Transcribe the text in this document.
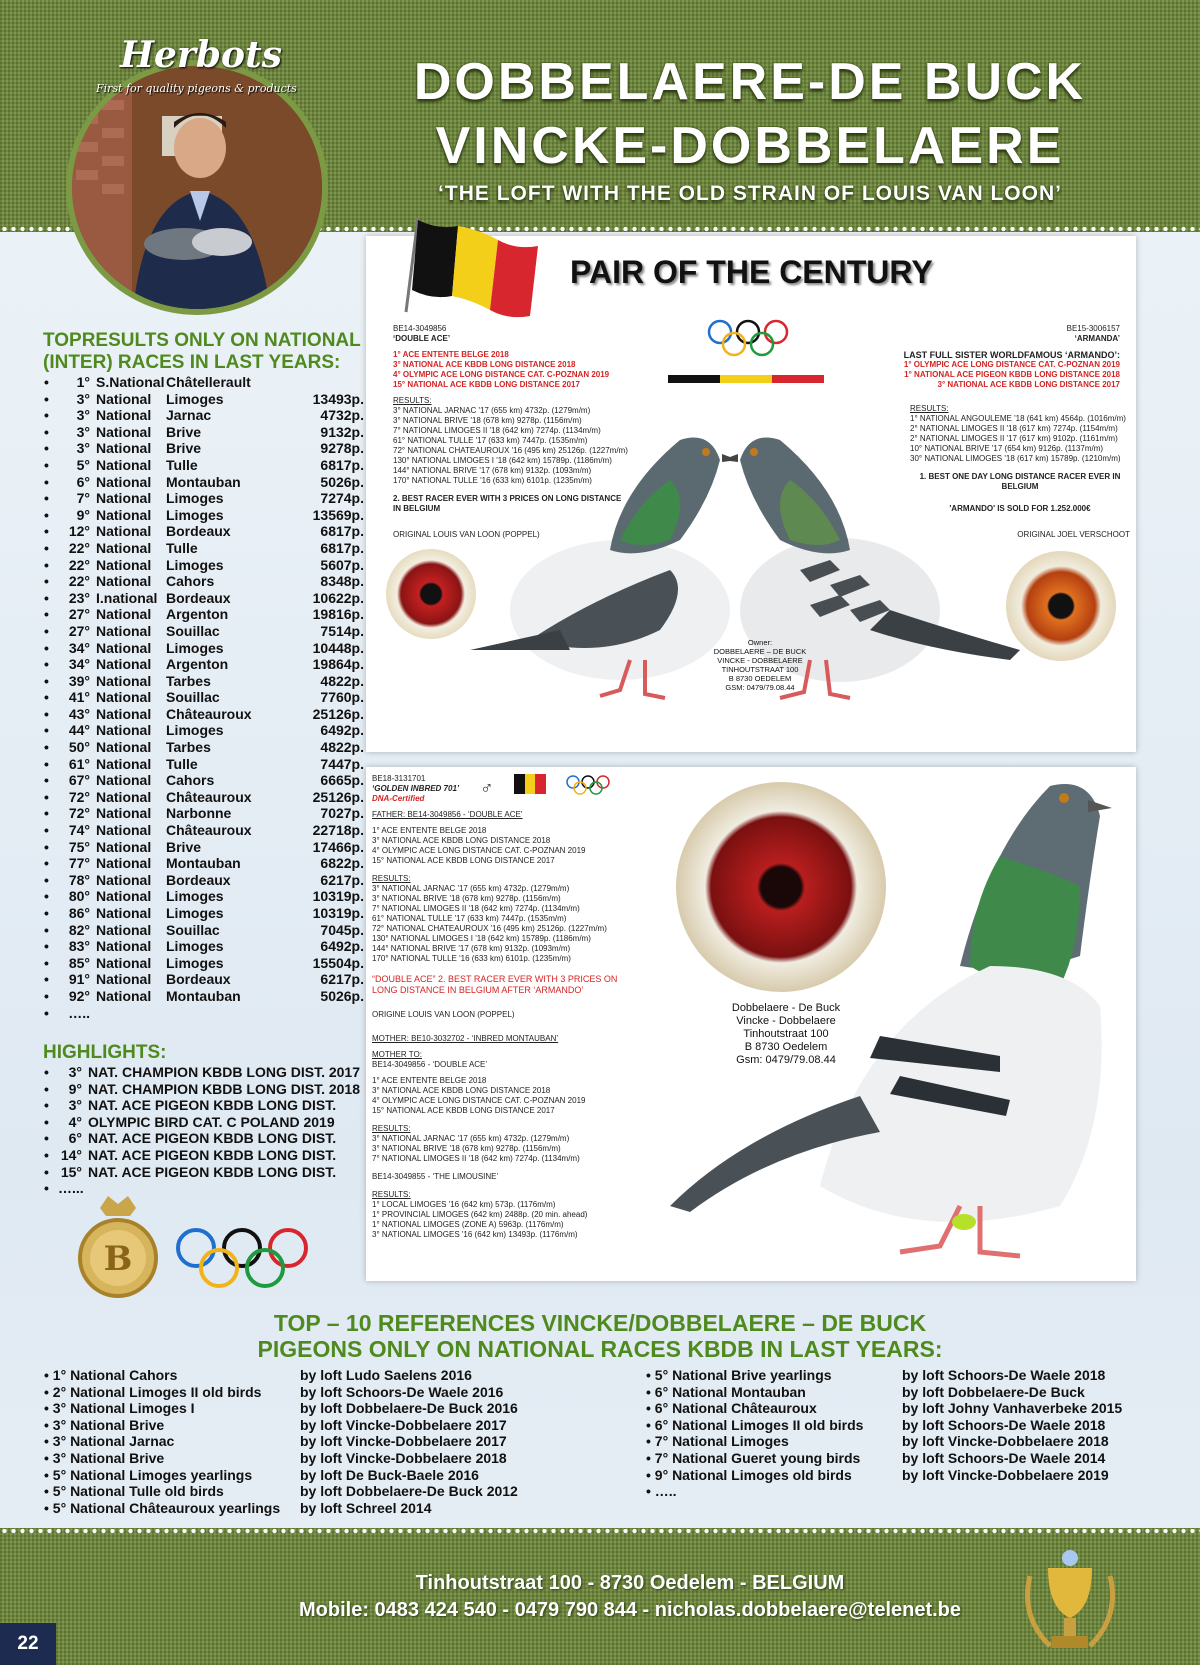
Herbots
First for quality pigeons & products	DOBBELAERE-DE BUCK
VINCKE-DOBBELAERE
‘THE LOFT WITH THE OLD STRAIN OF LOUIS VAN LOON’
TOPRESULTS ONLY ON NATIONAL
(INTER) RACES IN LAST YEARS:
•	1° S.National Châtellerault
•	3° National	Limoges	13493p.
•	3° National	Jarnac	4732p.
•	3° National	Brive	9132p.
•	3° National	Brive	9278p.
•	5° National	Tulle	6817p.
•	6° National	Montauban	5026p.
•	7° National	Limoges	7274p.
•	9° National	Limoges	13569p.
•	12° National	Bordeaux	6817p.
•	22° National	Tulle	6817p.
•	22° National	Limoges	5607p.
•	22° National	Cahors	8348p.
•	23° I.national Bordeaux	10622p.
•	27° National	Argenton	19816p.
•	27° National	Souillac	7514p.
•	34° National	Limoges	10448p.
•	34° National	Argenton	19864p.
•	39° National	Tarbes	4822p.
•	41° National	Souillac	7760p.
•	43° National	Châteauroux	25126p.
•	44° National	Limoges	6492p.
•	50° National	Tarbes	4822p.
•	61° National	Tulle	7447p.
•	67° National	Cahors	6665p.
•	72° National	Châteauroux	25126p.
•	72° National	Narbonne	7027p.
•	74° National	Châteauroux	22718p.
•	75° National	Brive	17466p.
•	77° National	Montauban	6822p.
•	78° National	Bordeaux	6217p.
•	80° National	Limoges	10319p.
•	86° National	Limoges	10319p.
•	82° National	Souillac	7045p.
•	83° National	Limoges	6492p.
•	85° National	Limoges	15504p.
•	91° National	Bordeaux	6217p.
•	92° National	Montauban	5026p.
•	…..
HIGHLIGHTS:
•	3° NAT. CHAMPION KBDB LONG DIST. 2017
•	9° NAT. CHAMPION KBDB LONG DIST. 2018
•	3° NAT. ACE PIGEON KBDB LONG DIST.
•	4° OLYMPIC BIRD CAT. C POLAND 2019
•	6° NAT. ACE PIGEON KBDB LONG DIST.
• 14° NAT. ACE PIGEON KBDB LONG DIST.
• 15° NAT. ACE PIGEON KBDB LONG DIST.
• …...
B
PAIR OF THE CENTURY
BE14-3049856
‘DOUBLE ACE’
1° ACE ENTENTE BELGE 2018
3° NATIONAL ACE KBDB LONG DISTANCE 2018
4° OLYMPIC ACE LONG DISTANCE CAT. C-POZNAN 2019
15° NATIONAL ACE KBDB LONG DISTANCE 2017
RESULTS:
3° NATIONAL JARNAC '17 (655 km) 4732p. (1279m/m)
3° NATIONAL BRIVE '18 (678 km) 9278p. (1156m/m)
7° NATIONAL LIMOGES II '18 (642 km) 7274p. (1134m/m)
61° NATIONAL TULLE '17 (633 km) 7447p. (1535m/m)
72° NATIONAL CHATEAUROUX '16 (495 km) 25126p. (1227m/m)
130° NATIONAL LIMOGES I '18 (642 km) 15789p. (1186m/m)
144° NATIONAL BRIVE '17 (678 km) 9132p. (1093m/m)
170° NATIONAL TULLE '16 (633 km) 6101p. (1235m/m)
2. BEST RACER EVER WITH 3 PRICES ON LONG DISTANCE IN BELGIUM
ORIGINAL LOUIS VAN LOON (POPPEL)
BE15-3006157
‘ARMANDA’
LAST FULL SISTER WORLDFAMOUS ‘ARMANDO’:
1° OLYMPIC ACE LONG DISTANCE CAT. C-POZNAN 2019
1° NATIONAL ACE PIGEON KBDB LONG DISTANCE 2018
3° NATIONAL ACE KBDB LONG DISTANCE 2017
RESULTS:
1° NATIONAL ANGOULEME '18 (641 km) 4564p. (1016m/m)
2° NATIONAL LIMOGES II '18 (617 km) 7274p. (1154m/m)
2° NATIONAL LIMOGES II '17 (617 km) 9102p. (1161m/m)
10° NATIONAL BRIVE '17 (654 km) 9126p. (1137m/m)
30° NATIONAL LIMOGES '18 (617 km) 15789p. (1210m/m)
1. BEST ONE DAY LONG DISTANCE RACER EVER IN BELGIUM
'ARMANDO' IS SOLD FOR 1.252.000€
ORIGINAL JOEL VERSCHOOT
Owner:
DOBBELAERE – DE BUCK
VINCKE - DOBBELAERE
TINHOUTSTRAAT 100
B 8730 OEDELEM
GSM: 0479/79.08.44
BE18-3131701
‘GOLDEN INBRED 701’
DNA-Certified
FATHER: BE14-3049856 - ‘DOUBLE ACE’
1° ACE ENTENTE BELGE 2018
3° NATIONAL ACE KBDB LONG DISTANCE 2018
4° OLYMPIC ACE LONG DISTANCE CAT. C-POZNAN 2019
15° NATIONAL ACE KBDB LONG DISTANCE 2017
RESULTS:
3° NATIONAL JARNAC '17 (655 km) 4732p. (1279m/m)
3° NATIONAL BRIVE '18 (678 km) 9278p. (1156m/m)
7° NATIONAL LIMOGES II '18 (642 km) 7274p. (1134m/m)
61° NATIONAL TULLE '17 (633 km) 7447p. (1535m/m)
72° NATIONAL CHATEAUROUX '16 (495 km) 25126p. (1227m/m)
130° NATIONAL LIMOGES I '18 (642 km) 15789p. (1186m/m)
144° NATIONAL BRIVE '17 (678 km) 9132p. (1093m/m)
170° NATIONAL TULLE '16 (633 km) 6101p. (1235m/m)
“DOUBLE ACE” 2. BEST RACER EVER WITH 3 PRICES ON LONG DISTANCE IN BELGIUM AFTER ‘ARMANDO’
ORIGINE LOUIS VAN LOON (POPPEL)
MOTHER: BE10-3032702 - ‘INBRED MONTAUBAN’
MOTHER TO:
BE14-3049856 - ‘DOUBLE ACE’
1° ACE ENTENTE BELGE 2018
3° NATIONAL ACE KBDB LONG DISTANCE 2018
4° OLYMPIC ACE LONG DISTANCE CAT. C-POZNAN 2019
15° NATIONAL ACE KBDB LONG DISTANCE 2017
RESULTS:
3° NATIONAL JARNAC '17 (655 km) 4732p. (1279m/m)
3° NATIONAL BRIVE '18 (678 km) 9278p. (1156m/m)
7° NATIONAL LIMOGES II '18 (642 km) 7274p. (1134m/m)
BE14-3049855 - ‘THE LIMOUSINE’
RESULTS:
1° LOCAL LIMOGES '16 (642 km) 573p. (1176m/m)
1° PROVINCIAL LIMOGES (642 km) 2488p. (20 min. ahead)
1° NATIONAL LIMOGES (ZONE A) 5963p. (1176m/m)
3° NATIONAL LIMOGES '16 (642 km) 13493p. (1176m/m)
♂
Dobbelaere - De Buck
Vincke - Dobbelaere
Tinhoutstraat 100
B 8730 Oedelem
Gsm: 0479/79.08.44
TOP – 10 REFERENCES VINCKE/DOBBELAERE – DE BUCK
PIGEONS ONLY ON NATIONAL RACES KBDB IN LAST YEARS:
• 1° National Cahors	by loft Ludo Saelens 2016
• 2° National Limoges II old birds	by loft Schoors-De Waele 2016
• 3° National Limoges I	by loft Dobbelaere-De Buck 2016
• 3° National Brive	by loft Vincke-Dobbelaere 2017
• 3° National Jarnac	by loft Vincke-Dobbelaere 2017
• 3° National Brive	by loft Vincke-Dobbelaere 2018
• 5° National Limoges yearlings	by loft De Buck-Baele 2016
• 5° National Tulle old birds	by loft Dobbelaere-De Buck 2012
• 5° National Châteauroux yearlings	by loft Schreel 2014
• 5° National Brive yearlings	by loft Schoors-De Waele 2018
• 6° National Montauban	by loft Dobbelaere-De Buck
• 6° National Châteauroux	by loft Johny Vanhaverbeke 2015
• 6° National Limoges II old birds	by loft Schoors-De Waele 2018
• 7° National Limoges	by loft Vincke-Dobbelaere 2018
• 7° National Gueret young birds	by loft Schoors-De Waele 2014
• 9° National Limoges old birds	by loft Vincke-Dobbelaere 2019
• …..
Tinhoutstraat 100 - 8730 Oedelem - BELGIUM
Mobile: 0483 424 540 - 0479 790 844 - nicholas.dobbelaere@telenet.be
22
